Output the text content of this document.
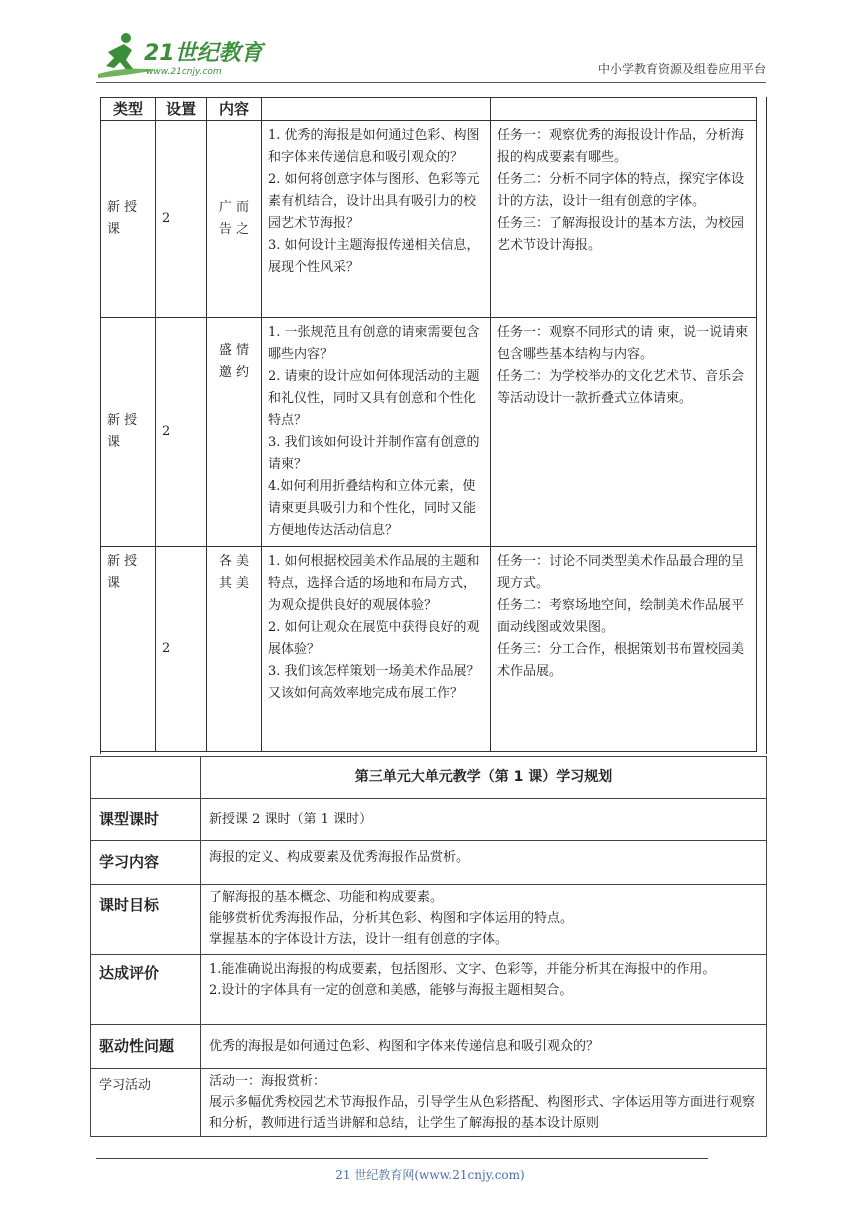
21世纪教育
www.21cnjy.com	中小学教育资源及组卷应用平台
类型	设置	内容		
新 授 课	2	广 而 告 之	1. 优秀的海报是如何通过色彩、构图和字体来传递信息和吸引观众的？
2. 如何将创意字体与图形、色彩等元素有机结合，设计出具有吸引力的校园艺术节海报？
3. 如何设计主题海报传递相关信息，展现个性风采？	任务一：观察优秀的海报设计作品，分析海报的构成要素有哪些。
任务二：分析不同字体的特点，探究字体设计的方法，设计一组有创意的字体。
任务三：了解海报设计的基本方法，为校园艺术节设计海报。

新 授 课	2	盛 情 邀 约	1. 一张规范且有创意的请柬需要包含哪些内容？
2. 请柬的设计应如何体现活动的主题和礼仪性，同时又具有创意和个性化特点？
3. 我们该如何设计并制作富有创意的请柬？
4.如何利用折叠结构和立体元素，使请柬更具吸引力和个性化，同时又能方便地传达活动信息？	任务一：观察不同形式的请 柬，说一说请柬包含哪些基本结构与内容。
任务二：为学校举办的文化艺术节、音乐会等活动设计一款折叠式立体请柬。

新 授 课	2	各 美 其 美	1. 如何根据校园美术作品展的主题和特点，选择合适的场地和布局方式，为观众提供良好的观展体验？
2. 如何让观众在展览中获得良好的观展体验？
3. 我们该怎样策划一场美术作品展？又该如何高效率地完成布展工作？	任务一：讨论不同类型美术作品最合理的呈现方式。
任务二：考察场地空间，绘制美术作品展平面动线图或效果图。
任务三：分工合作，根据策划书布置校园美术作品展。
	第三单元大单元教学（第 1 课）学习规划
课型课时	新授课 2 课时（第 1 课时）

学习内容	海报的定义、构成要素及优秀海报作品赏析。

课时目标	了解海报的基本概念、功能和构成要素。
能够赏析优秀海报作品，分析其色彩、构图和字体运用的特点。
掌握基本的字体设计方法，设计一组有创意的字体。

达成评价	1.能准确说出海报的构成要素，包括图形、文字、色彩等，并能分析其在海报中的作用。
2.设计的字体具有一定的创意和美感，能够与海报主题相契合。

驱动性问题	优秀的海报是如何通过色彩、构图和字体来传递信息和吸引观众的？

学习活动	活动一：海报赏析：
展示多幅优秀校园艺术节海报作品，引导学生从色彩搭配、构图形式、字体运用等方面进行观察和分析，教师进行适当讲解和总结，让学生了解海报的基本设计原则
21 世纪教育网(www.21cnjy.com)
